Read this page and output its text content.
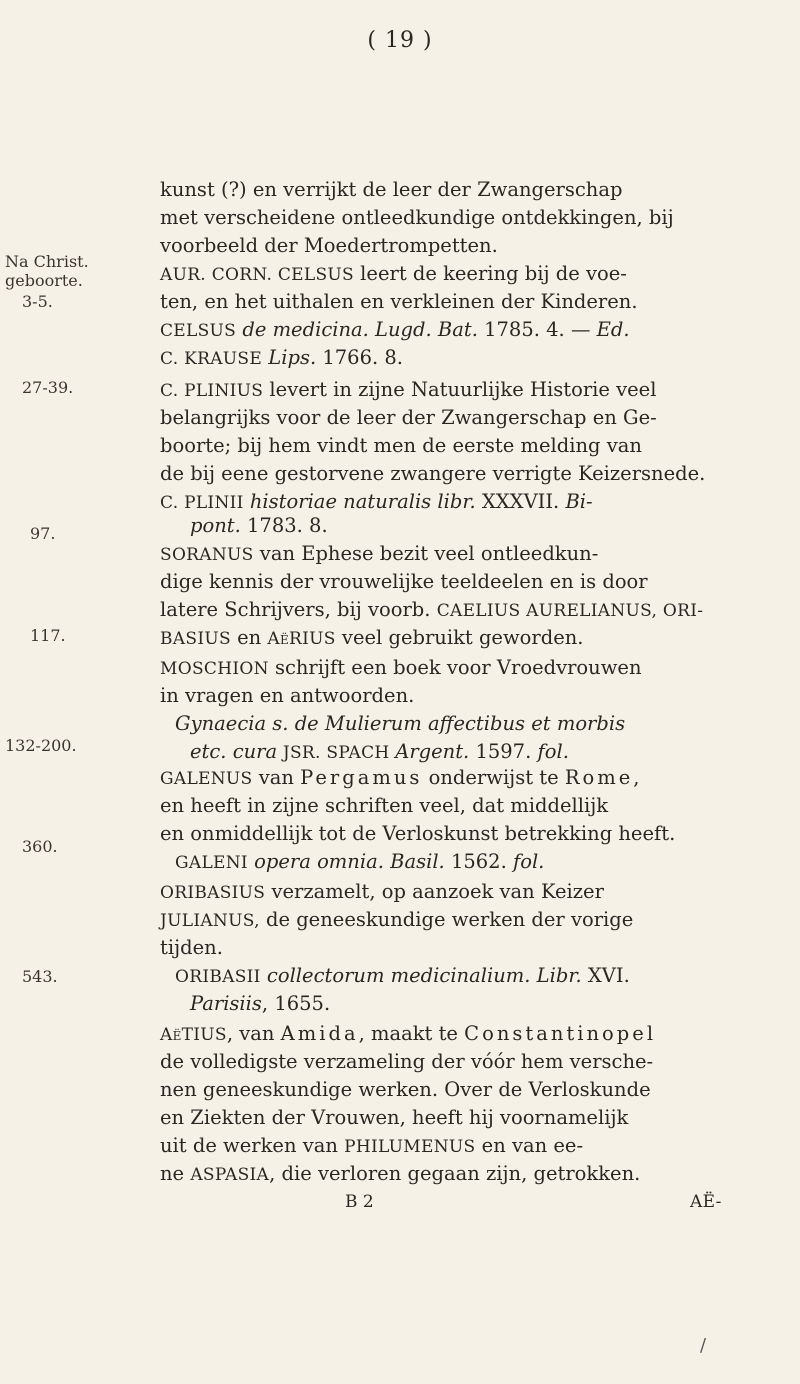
( 19 )
Na Christ.
geboorte.
3-5.
27-39.
97.
117.
132-200.
360.
543.
kunst (?) en verrijkt de leer der Zwangerschap
met verscheidene ontleedkundige ontdekkingen, bij
voorbeeld der Moedertrompetten.
AUR. CORN. CELSUS leert de keering bij de voe-
ten, en het uithalen en verkleinen der Kinderen.
CELSUS de medicina. Lugd. Bat. 1785. 4. — Ed.
C. KRAUSE Lips. 1766. 8.
C. PLINIUS levert in zijne Natuurlijke Historie veel
belangrijks voor de leer der Zwangerschap en Ge-
boorte; bij hem vindt men de eerste melding van
de bij eene gestorvene zwangere verrigte Keizersnede.
C. PLINII historiae naturalis libr. XXXVII. Bi-
pont. 1783. 8.
SORANUS van Ephese bezit veel ontleedkun-
dige kennis der vrouwelijke teeldeelen en is door
latere Schrijvers, bij voorb. CAELIUS AURELIANUS, ORI-
BASIUS en AëRIUS veel gebruikt geworden.
MOSCHION schrijft een boek voor Vroedvrouwen
in vragen en antwoorden.
Gynaecia s. de Mulierum affectibus et morbis
etc. cura JSR. SPACH Argent. 1597. fol.
GALENUS van Pergamus onderwijst te Rome,
en heeft in zijne schriften veel, dat middellijk
en onmiddellijk tot de Verloskunst betrekking heeft.
GALENI opera omnia. Basil. 1562. fol.
ORIBASIUS verzamelt, op aanzoek van Keizer
JULIANUS, de geneeskundige werken der vorige
tijden.
ORIBASII collectorum medicinalium. Libr. XVI.
Parisiis, 1655.
AëTIUS, van Amida, maakt te Constantinopel
de volledigste verzameling der vóór hem versche-
nen geneeskundige werken. Over de Verloskunde
en Ziekten der Vrouwen, heeft hij voornamelijk
uit de werken van PHILUMENUS en van ee-
ne ASPASIA, die verloren gegaan zijn, getrokken.
B 2	AË-
/
